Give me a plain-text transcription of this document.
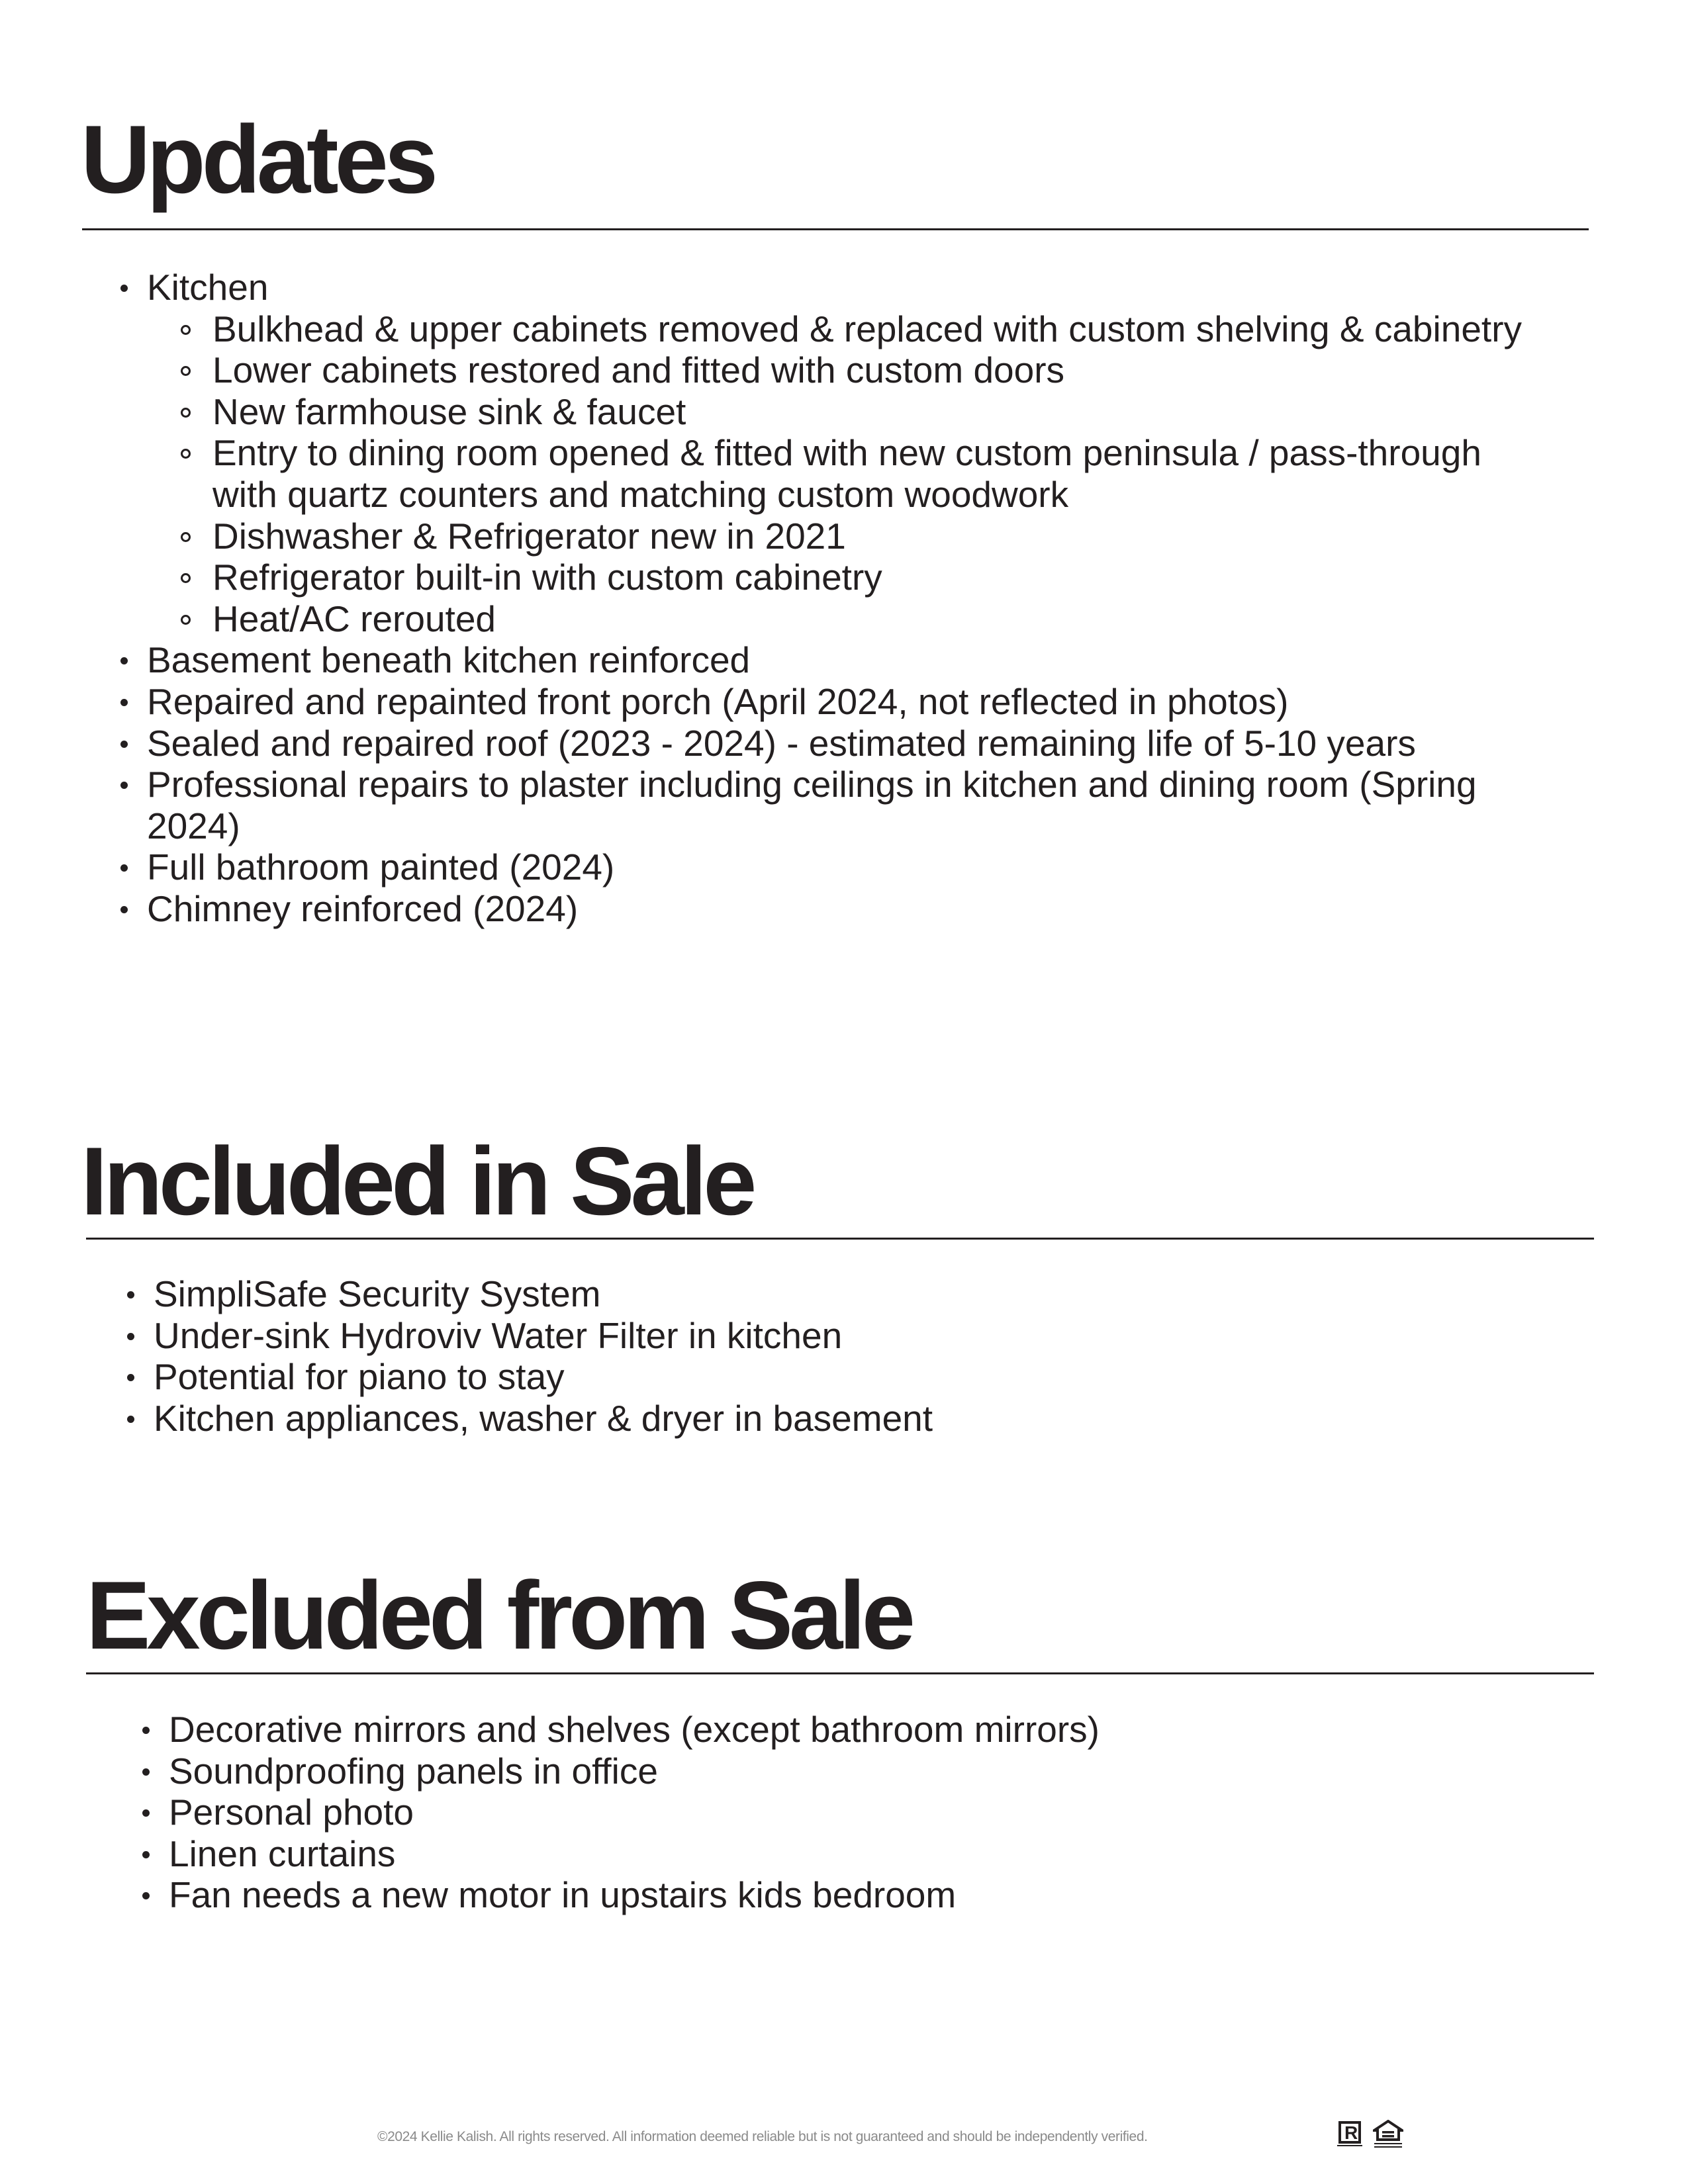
Updates
Kitchen
Bulkhead & upper cabinets removed & replaced with custom shelving & cabinetry
Lower cabinets restored and fitted with custom doors
New farmhouse sink & faucet
Entry to dining room opened & fitted with new custom peninsula / pass-through with quartz counters and matching custom woodwork
Dishwasher & Refrigerator new in 2021
Refrigerator built-in with custom cabinetry
Heat/AC rerouted
Basement beneath kitchen reinforced
Repaired and repainted front porch (April 2024, not reflected in photos)
Sealed and repaired roof (2023 - 2024) - estimated remaining life of 5-10 years
Professional repairs to plaster including ceilings in kitchen and dining room (Spring 2024)
Full bathroom painted (2024)
Chimney reinforced (2024)
Included in Sale
SimpliSafe Security System
Under-sink Hydroviv Water Filter in kitchen
Potential for piano to stay
Kitchen appliances, washer & dryer in basement
Excluded from Sale
Decorative mirrors and shelves (except bathroom mirrors)
Soundproofing panels in office
Personal photo
Linen curtains
Fan needs a new motor in upstairs kids bedroom
©2024 Kellie Kalish. All rights reserved. All information deemed reliable but is not guaranteed and should be independently verified.
R
